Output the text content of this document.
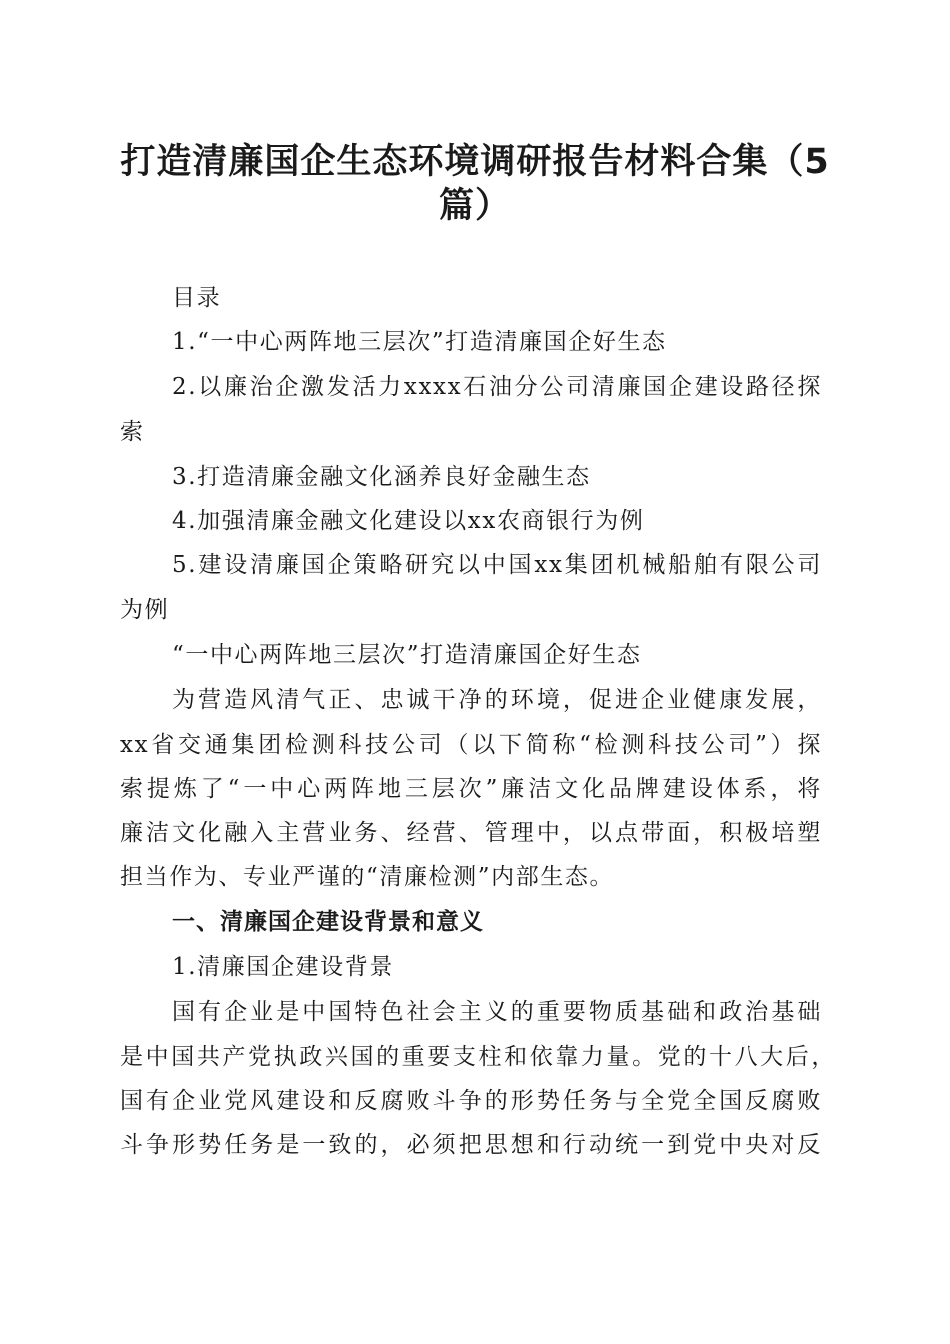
打造清廉国企生态环境调研报告材料合集（5
篇）
目录
1.“一中心两阵地三层次”打造清廉国企好生态
2.以廉治企激发活力xxxx石油分公司清廉国企建设路径探
索
3.打造清廉金融文化涵养良好金融生态
4.加强清廉金融文化建设以xx农商银行为例
5.建设清廉国企策略研究以中国xx集团机械船舶有限公司
为例
“一中心两阵地三层次”打造清廉国企好生态
为营造风清气正、忠诚干净的环境，促进企业健康发展，
xx省交通集团检测科技公司（以下简称“检测科技公司”）探
索提炼了“一中心两阵地三层次”廉洁文化品牌建设体系，将
廉洁文化融入主营业务、经营、管理中，以点带面，积极培塑
担当作为、专业严谨的“清廉检测”内部生态。
一、清廉国企建设背景和意义
1.清廉国企建设背景
国有企业是中国特色社会主义的重要物质基础和政治基础
是中国共产党执政兴国的重要支柱和依靠力量。党的十八大后，
国有企业党风建设和反腐败斗争的形势任务与全党全国反腐败
斗争形势任务是一致的，必须把思想和行动统一到党中央对反
